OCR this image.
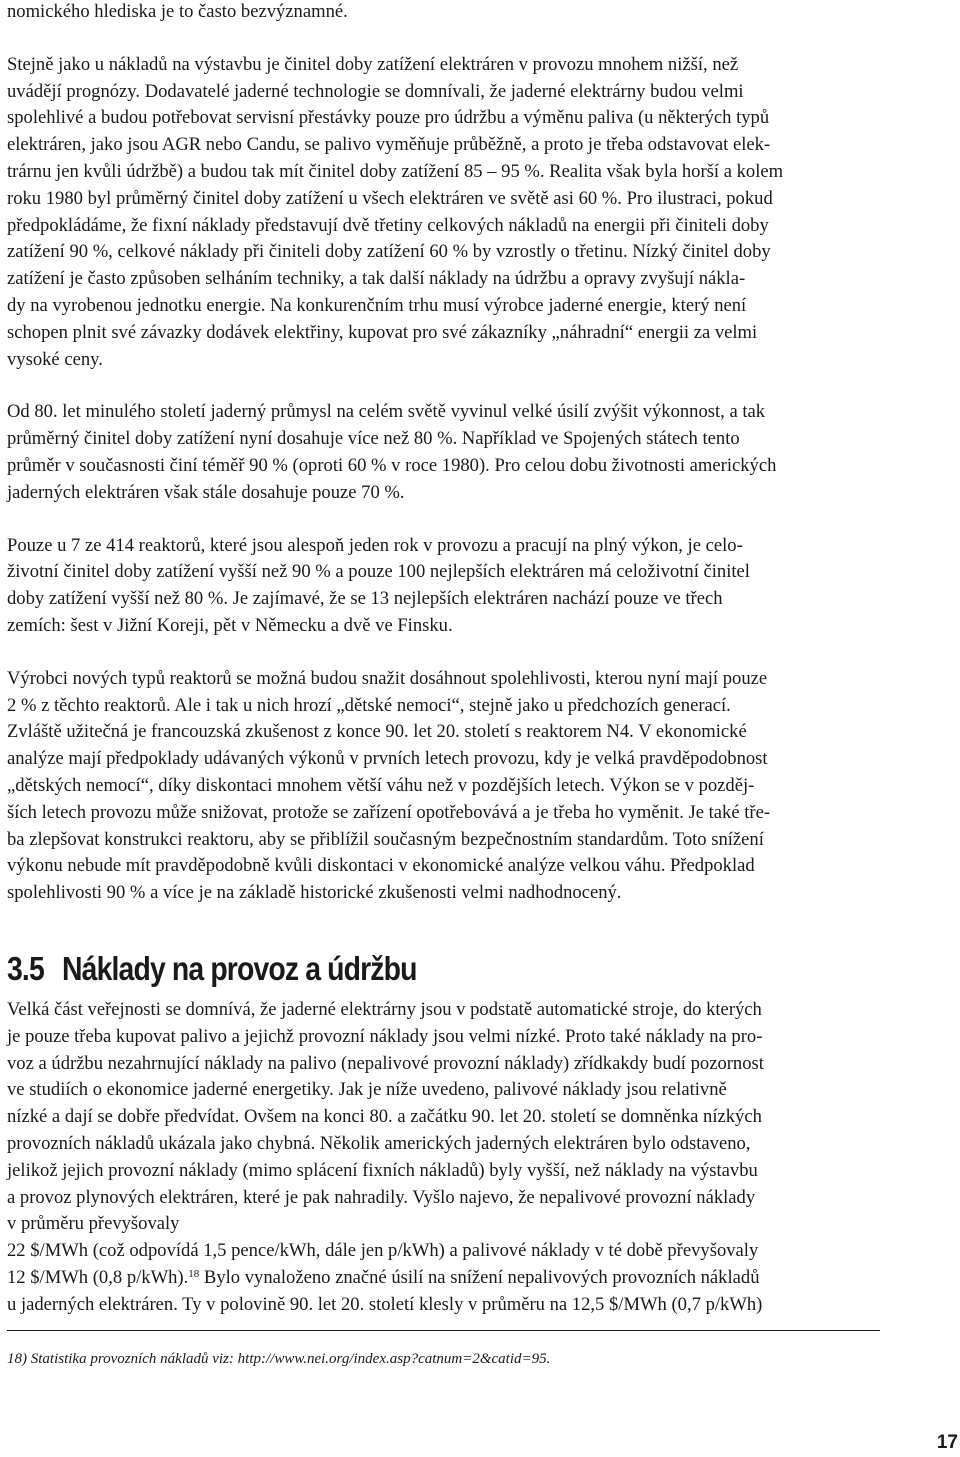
nomického hlediska je to často bezvýznamné.

Stejně jako u nákladů na výstavbu je činitel doby zatížení elektráren v provozu mnohem nižší, než
uvádějí prognózy. Dodavatelé jaderné technologie se domnívali, že jaderné elektrárny budou velmi
spolehlivé a budou potřebovat servisní přestávky pouze pro údržbu a výměnu paliva (u některých typů
elektráren, jako jsou AGR nebo Candu, se palivo vyměňuje průběžně, a proto je třeba odstavovat elek-
trárnu jen kvůli údržbě) a budou tak mít činitel doby zatížení 85 – 95 %. Realita však byla horší a kolem
roku 1980 byl průměrný činitel doby zatížení u všech elektráren ve světě asi 60 %. Pro ilustraci, pokud
předpokládáme, že fixní náklady představují dvě třetiny celkových nákladů na energii při činiteli doby
zatížení 90 %, celkové náklady při činiteli doby zatížení 60 % by vzrostly o třetinu. Nízký činitel doby
zatížení je často způsoben selháním techniky, a tak další náklady na údržbu a opravy zvyšují nákla-
dy na vyrobenou jednotku energie. Na konkurenčním trhu musí výrobce jaderné energie, který není
schopen plnit své závazky dodávek elektřiny, kupovat pro své zákazníky „náhradní“ energii za velmi
vysoké ceny.

Od 80. let minulého století jaderný průmysl na celém světě vyvinul velké úsilí zvýšit výkonnost, a tak
průměrný činitel doby zatížení nyní dosahuje více než 80 %. Například ve Spojených státech tento
průměr v současnosti činí téměř 90 % (oproti 60 % v roce 1980). Pro celou dobu životnosti amerických
jaderných elektráren však stále dosahuje pouze 70 %.

Pouze u 7 ze 414 reaktorů, které jsou alespoň jeden rok v provozu a pracují na plný výkon, je celo-
životní činitel doby zatížení vyšší než 90 % a pouze 100 nejlepších elektráren má celoživotní činitel
doby zatížení vyšší než 80 %. Je zajímavé, že se 13 nejlepších elektráren nachází pouze ve třech
zemích: šest v Jižní Koreji, pět v Německu a dvě ve Finsku.

Výrobci nových typů reaktorů se možná budou snažit dosáhnout spolehlivosti, kterou nyní mají pouze
2 % z těchto reaktorů. Ale i tak u nich hrozí „dětské nemoci“, stejně jako u předchozích generací.
Zvláště užitečná je francouzská zkušenost z konce 90. let 20. století s reaktorem N4. V ekonomické
analýze mají předpoklady udávaných výkonů v prvních letech provozu, kdy je velká pravděpodobnost
„dětských nemocí“, díky diskontaci mnohem větší váhu než v pozdějších letech. Výkon se v pozděj-
ších letech provozu může snižovat, protože se zařízení opotřebovává a je třeba ho vyměnit. Je také tře-
ba zlepšovat konstrukci reaktoru, aby se přiblížil současným bezpečnostním standardům. Toto snížení
výkonu nebude mít pravděpodobně kvůli diskontaci v ekonomické analýze velkou váhu. Předpoklad
spolehlivosti 90 % a více je na základě historické zkušenosti velmi nadhodnocený.

3.5 Náklady na provoz a údržbu

Velká část veřejnosti se domnívá, že jaderné elektrárny jsou v podstatě automatické stroje, do kterých
je pouze třeba kupovat palivo a jejichž provozní náklady jsou velmi nízké. Proto také náklady na pro-
voz a údržbu nezahrnující náklady na palivo (nepalivové provozní náklady) zřídkakdy budí pozornost
ve studiích o ekonomice jaderné energetiky. Jak je níže uvedeno, palivové náklady jsou relativně
nízké a dají se dobře předvídat. Ovšem na konci 80. a začátku 90. let 20. století se domněnka nízkých
provozních nákladů ukázala jako chybná. Několik amerických jaderných elektráren bylo odstaveno,
jelikož jejich provozní náklady (mimo splácení fixních nákladů) byly vyšší, než náklady na výstavbu
a provoz plynových elektráren, které je pak nahradily. Vyšlo najevo, že nepalivové provozní náklady
v průměru převyšovaly
22 $/MWh (což odpovídá 1,5 pence/kWh, dále jen p/kWh) a palivové náklady v té době převyšovaly
12 $/MWh (0,8 p/kWh).$^{18}$ Bylo vynaloženo značné úsilí na snížení nepalivových provozních nákladů
u jaderných elektráren. Ty v polovině 90. let 20. století klesly v průměru na 12,5 $/MWh (0,7 p/kWh)

18) Statistika provozních nákladů viz: http://www.nei.org/index.asp?catnum=2&catid=95.

17
